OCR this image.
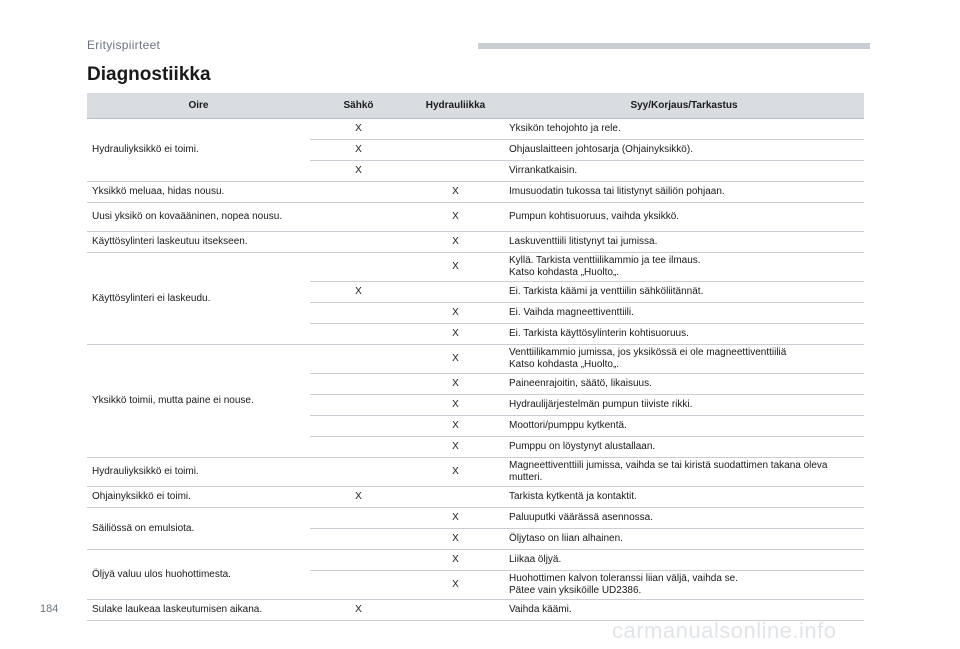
Erityispiirteet
Diagnostiikka
Oire	Sähkö	Hydrauliikka	Syy/Korjaus/Tarkastus
Hydrauliyksikkö ei toimi.	X		Yksikön tehojohto ja rele.
	X		Ohjauslaitteen johtosarja (Ohjainyksikkö).
	X		Virrankatkaisin.
Yksikkö meluaa, hidas nousu.		X	Imusuodatin tukossa tai litistynyt säiliön pohjaan.
Uusi yksikö on kovaääninen, nopea nousu.		X	Pumpun kohtisuoruus, vaihda yksikkö.
Käyttösylinteri laskeutuu itsekseen.		X	Laskuventtiili litistynyt tai jumissa.
Käyttösylinteri ei laskeudu.		X	Kyllä. Tarkista venttiilikammio ja tee ilmaus.
Katso kohdasta „Huolto„.

	X		Ei. Tarkista käämi ja venttiilin sähköliitännät.
		X	Ei. Vaihda magneettiventtiili.
		X	Ei. Tarkista käyttösylinterin kohtisuoruus.
Yksikkö toimii, mutta paine ei nouse.		X	Venttiilikammio jumissa, jos yksikössä ei ole magneettiventtiiliä
Katso kohdasta „Huolto„.

		X	Paineenrajoitin, säätö, likaisuus.
		X	Hydraulijärjestelmän pumpun tiiviste rikki.
		X	Moottori/pumppu kytkentä.
		X	Pumppu on löystynyt alustallaan.
Hydrauliyksikkö ei toimi.		X	Magneettiventtiili jumissa, vaihda se tai kiristä suodattimen takana oleva
mutteri.

Ohjainyksikkö ei toimi.	X		Tarkista kytkentä ja kontaktit.
Säiliössä on emulsiota.		X	Paluuputki väärässä asennossa.
		X	Öljytaso on liian alhainen.
Öljyä valuu ulos huohottimesta.		X	Liikaa öljyä.
		X	Huohottimen kalvon toleranssi liian väljä, vaihda se.
Pätee vain yksiköille UD2386.

Sulake laukeaa laskeutumisen aikana.	X		Vaihda käämi.
184
carmanualsonline.info
